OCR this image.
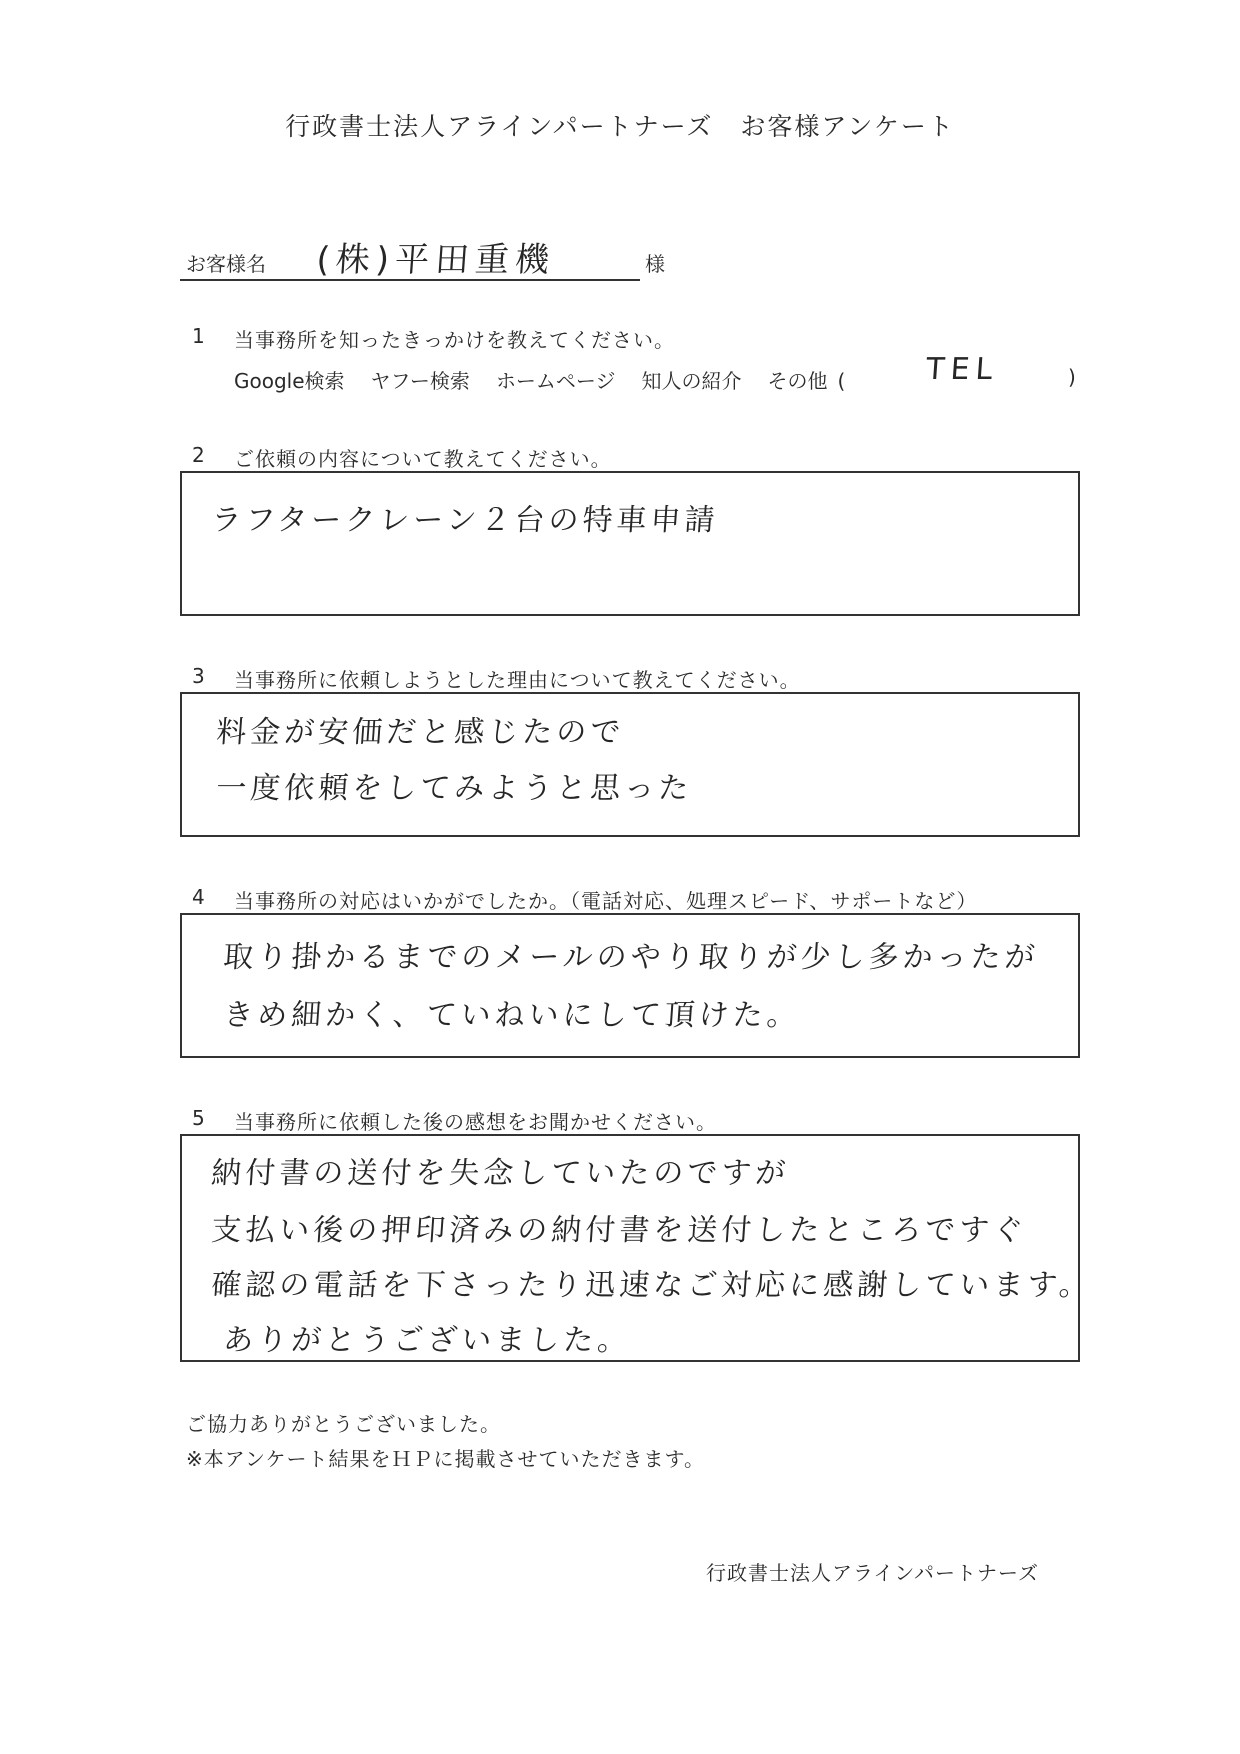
行政書士法人アラインパートナーズ　お客様アンケート
お客様名 (株)平田重機	様
1 当事務所を知ったきっかけを教えてください。
Google検索 ヤフー検索 ホームページ 知人の紹介 その他 (	TEL	)
2 ご依頼の内容について教えてください。
ラフタークレーン２台の特車申請
3 当事務所に依頼しようとした理由について教えてください。
料金が安価だと感じたので
一度依頼をしてみようと思った
4 当事務所の対応はいかがでしたか。（電話対応、処理スピード、サポートなど）
取り掛かるまでのメールのやり取りが少し多かったが
きめ細かく、ていねいにして頂けた。
5 当事務所に依頼した後の感想をお聞かせください。
納付書の送付を失念していたのですが
支払い後の押印済みの納付書を送付したところですぐ
確認の電話を下さったり迅速なご対応に感謝しています。
ありがとうございました。
ご協力ありがとうございました。
※本アンケート結果をＨＰに掲載させていただきます。
行政書士法人アラインパートナーズ
